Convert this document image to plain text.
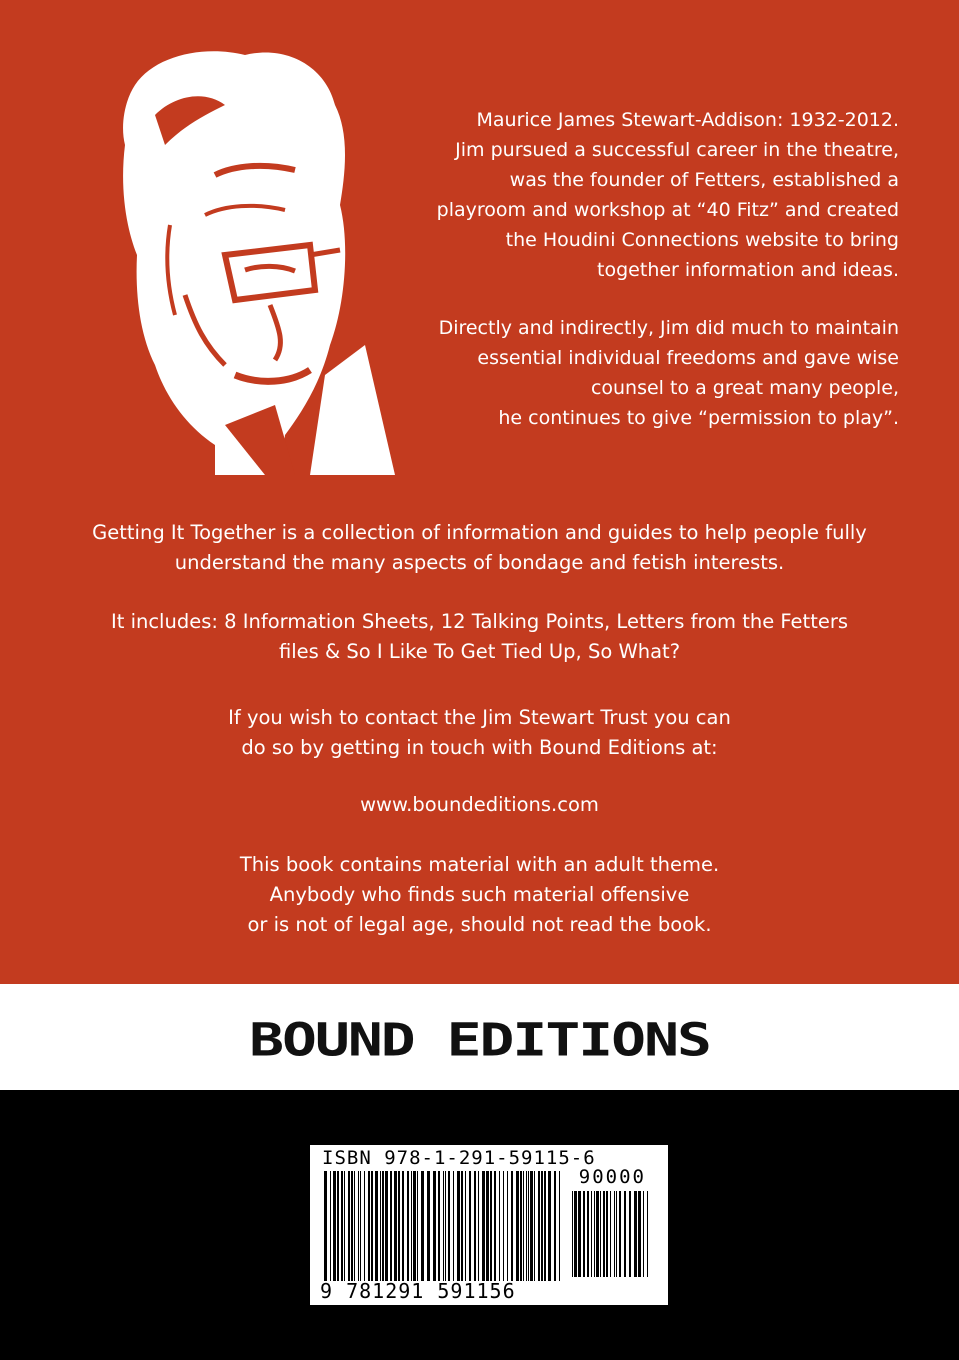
Maurice James Stewart-Addison: 1932-2012.

Jim pursued a successful career in the theatre,

was the founder of Fetters, established a

playroom and workshop at “40 Fitz” and created

the Houdini Connections website to bring

together information and ideas.

Directly and indirectly, Jim did much to maintain

essential individual freedoms and gave wise

counsel to a great many people,

he continues to give “permission to play”.

Getting It Together is a collection of information and guides to help people fully

understand the many aspects of bondage and fetish interests.

It includes: 8 Information Sheets, 12 Talking Points, Letters from the Fetters

files & So I Like To Get Tied Up, So What?

If you wish to contact the Jim Stewart Trust you can

do so by getting in touch with Bound Editions at:

www.boundeditions.com

This book contains material with an adult theme.

Anybody who finds such material offensive

or is not of legal age, should not read the book.

BOUND EDITIONS
ISBN 978-1-291-59115-6
90000
9 781291 591156
